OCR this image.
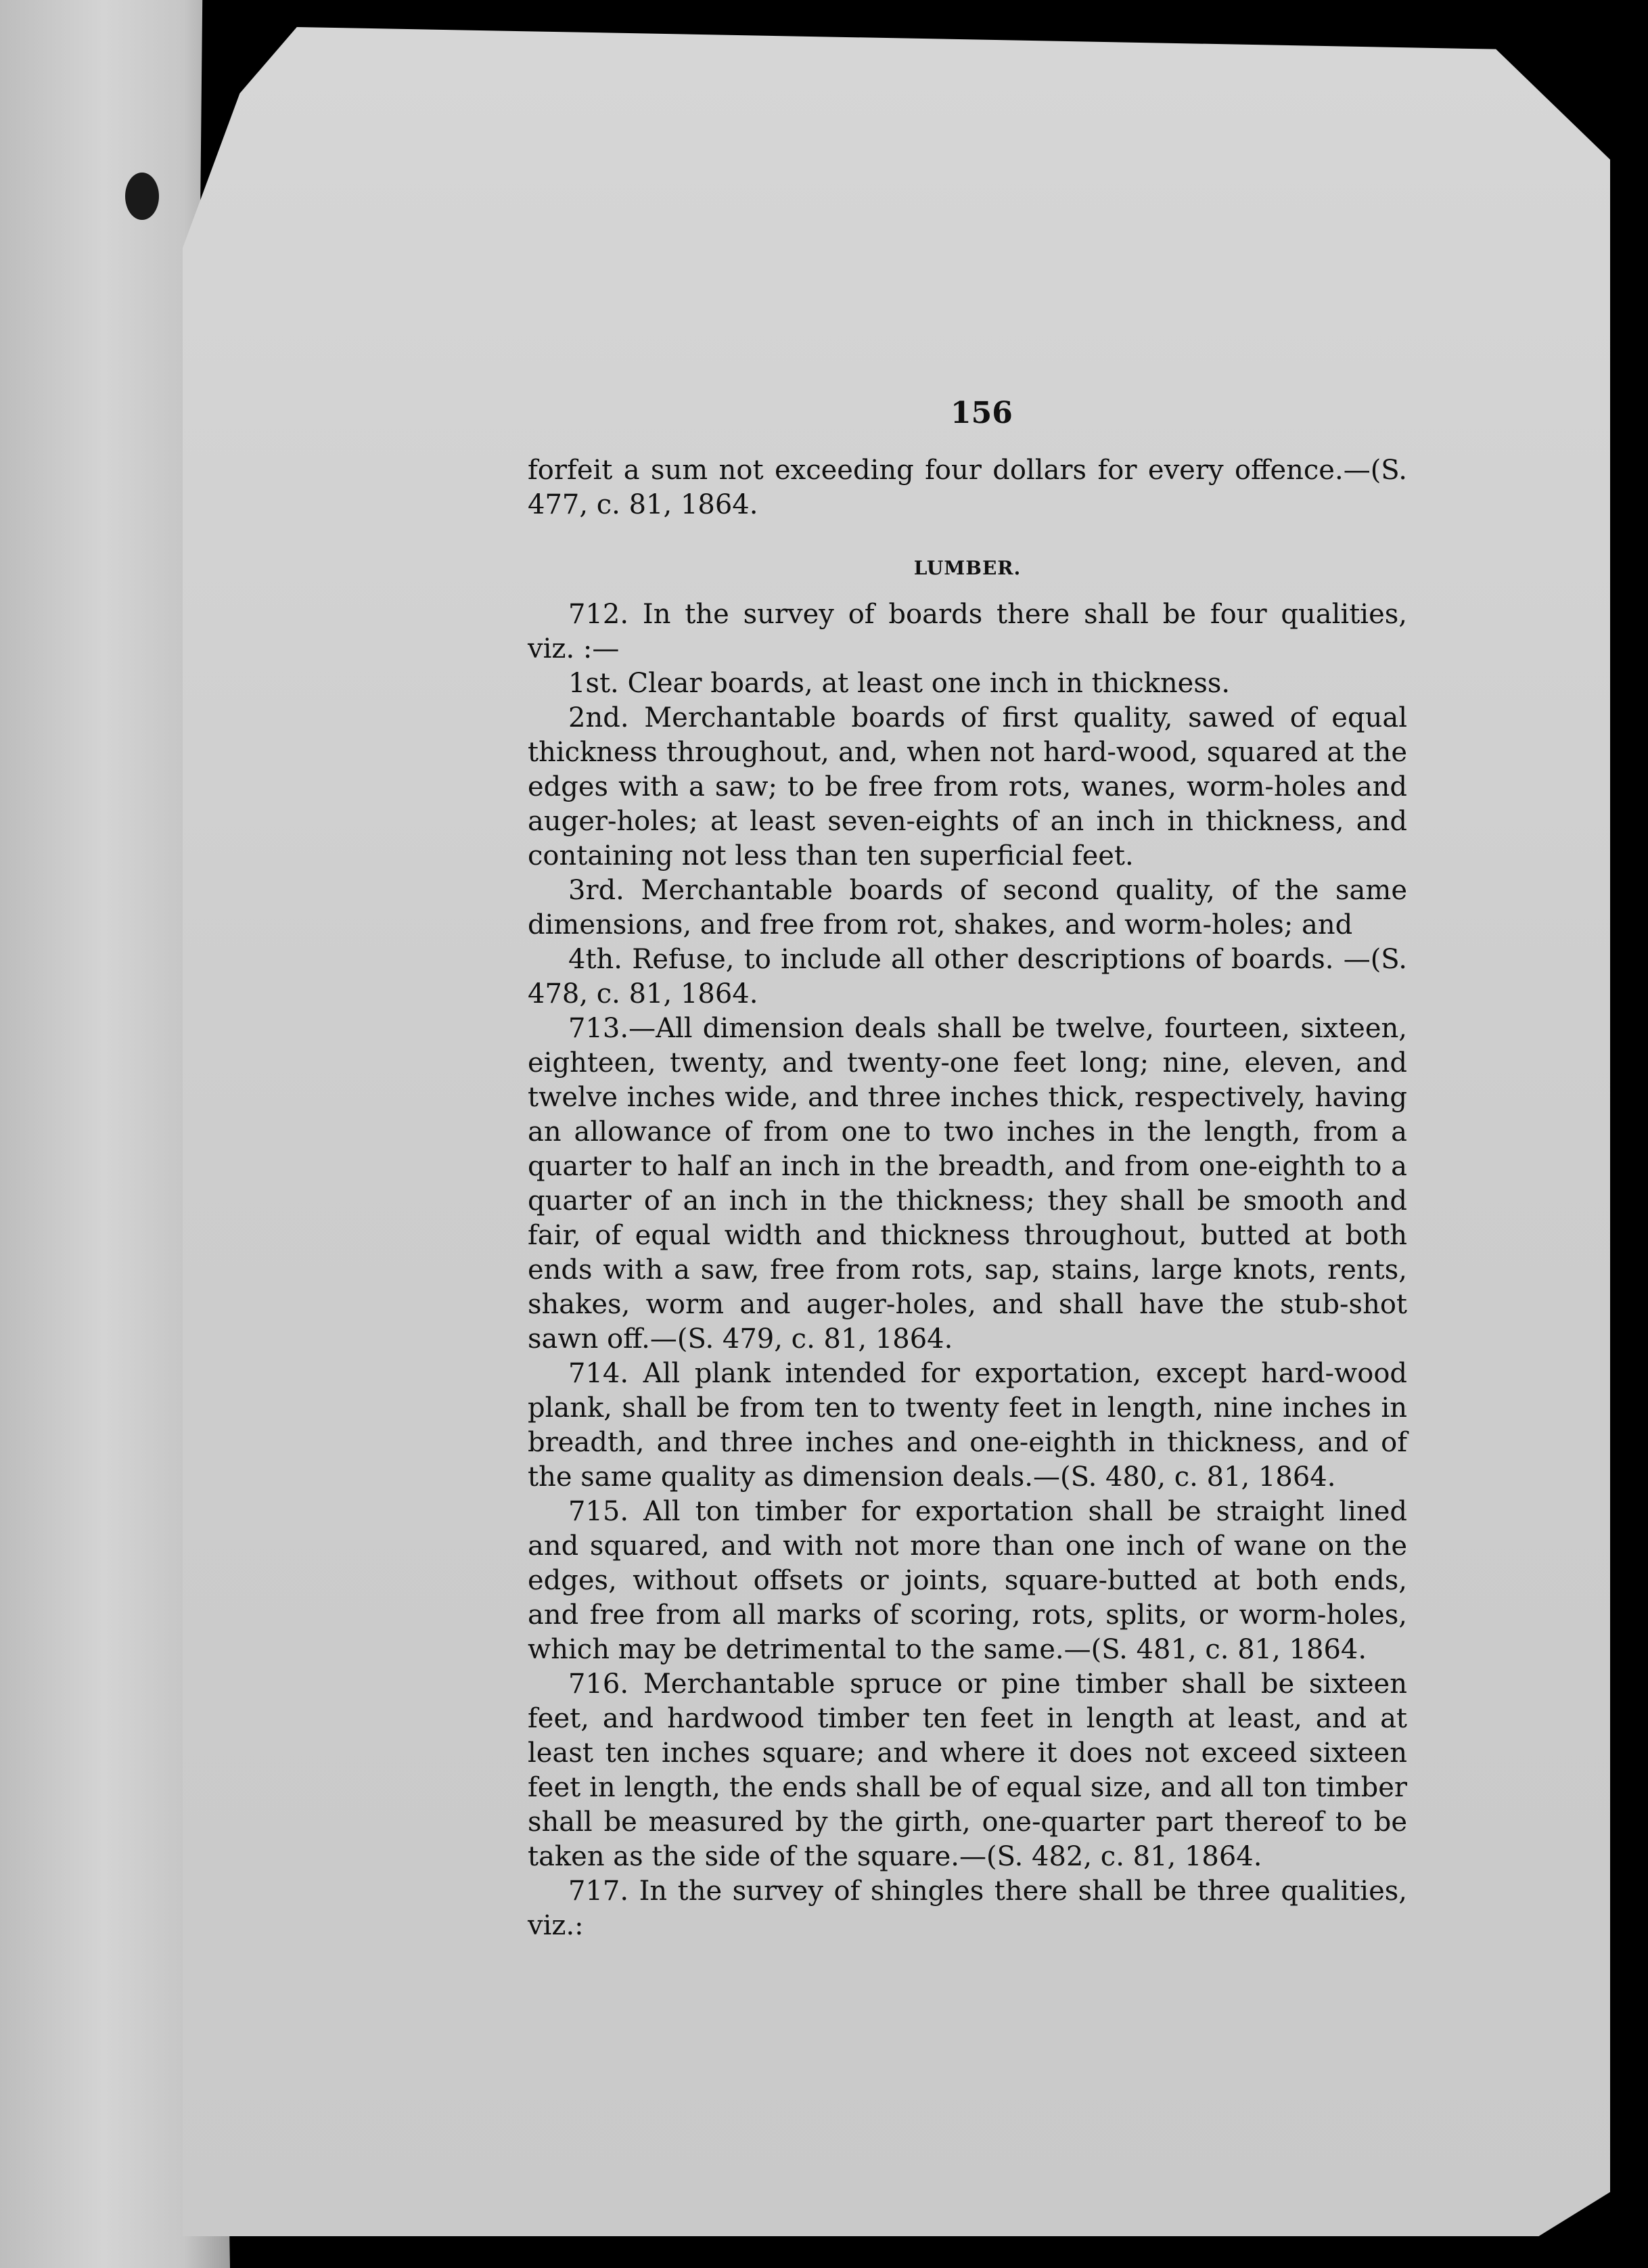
156

forfeit a sum not exceeding four dollars for every offence.—(S. 477, c. 81, 1864.

LUMBER.

712. In the survey of boards there shall be four qualities, viz. :—

1st. Clear boards, at least one inch in thickness.

2nd. Merchantable boards of first quality, sawed of equal thickness throughout, and, when not hard-wood, squared at the edges with a saw; to be free from rots, wanes, worm-holes and auger-holes; at least seven-eights of an inch in thickness, and containing not less than ten superficial feet.

3rd. Merchantable boards of second quality, of the same dimensions, and free from rot, shakes, and worm-holes; and

4th. Refuse, to include all other descriptions of boards. —(S. 478, c. 81, 1864.

713.—All dimension deals shall be twelve, fourteen, sixteen, eighteen, twenty, and twenty-one feet long; nine, eleven, and twelve inches wide, and three inches thick, respectively, having an allowance of from one to two inches in the length, from a quarter to half an inch in the breadth, and from one-eighth to a quarter of an inch in the thickness; they shall be smooth and fair, of equal width and thickness throughout, butted at both ends with a saw, free from rots, sap, stains, large knots, rents, shakes, worm and auger-holes, and shall have the stub-shot sawn off.—(S. 479, c. 81, 1864.

714. All plank intended for exportation, except hard-wood plank, shall be from ten to twenty feet in length, nine inches in breadth, and three inches and one-eighth in thickness, and of the same quality as dimension deals.—(S. 480, c. 81, 1864.

715. All ton timber for exportation shall be straight lined and squared, and with not more than one inch of wane on the edges, without offsets or joints, square-butted at both ends, and free from all marks of scoring, rots, splits, or worm-holes, which may be detrimental to the same.—(S. 481, c. 81, 1864.

716. Merchantable spruce or pine timber shall be sixteen feet, and hardwood timber ten feet in length at least, and at least ten inches square; and where it does not exceed sixteen feet in length, the ends shall be of equal size, and all ton timber shall be measured by the girth, one-quarter part thereof to be taken as the side of the square.—(S. 482, c. 81, 1864.

717. In the survey of shingles there shall be three qualities, viz.:
